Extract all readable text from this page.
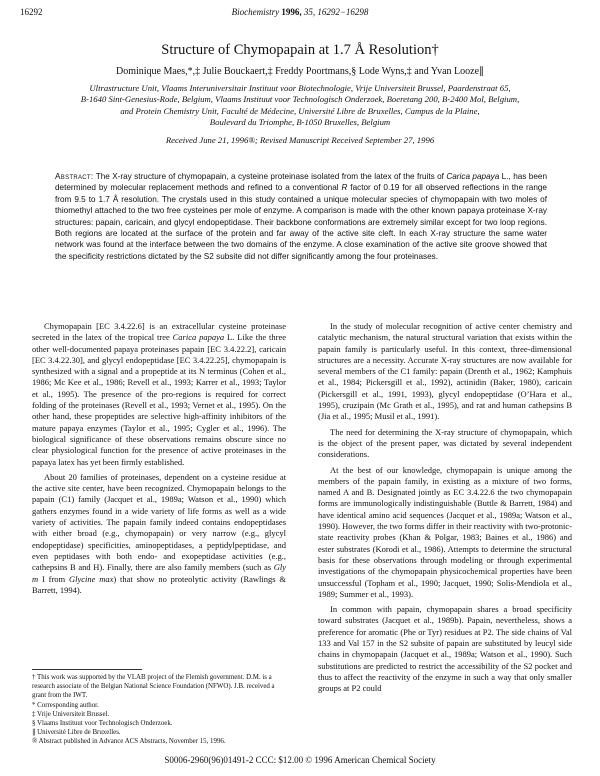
16292	Biochemistry 1996, 35, 16292−16298
Structure of Chymopapain at 1.7 Å Resolution†
Dominique Maes,*,‡ Julie Bouckaert,‡ Freddy Poortmans,§ Lode Wyns,‡ and Yvan Looze∥
Ultrastructure Unit, Vlaams Interuniversitair Instituut voor Biotechnologie, Vrije Universiteit Brussel, Paardenstraat 65,
B-1640 Sint-Genesius-Rode, Belgium, Vlaams Instituut voor Technologisch Onderzoek, Boeretang 200, B-2400 Mol, Belgium,
and Protein Chemistry Unit, Faculté de Médecine, Université Libre de Bruxelles, Campus de la Plaine,
Boulevard du Triomphe, B-1050 Bruxelles, Belgium
Received June 21, 1996®; Revised Manuscript Received September 27, 1996
Abstract: The X-ray structure of chymopapain, a cysteine proteinase isolated from the latex of the fruits of Carica papaya L., has been determined by molecular replacement methods and refined to a conventional R factor of 0.19 for all observed reflections in the range from 9.5 to 1.7 Å resolution. The crystals used in this study contained a unique molecular species of chymopapain with two moles of thiomethyl attached to the two free cysteines per mole of enzyme. A comparison is made with the other known papaya proteinase X-ray structures: papain, caricain, and glycyl endopeptidase. Their backbone conformations are extremely similar except for two loop regions. Both regions are located at the surface of the protein and far away of the active site cleft. In each X-ray structure the same water network was found at the interface between the two domains of the enzyme. A close examination of the active site groove showed that the specificity restrictions dictated by the S2 subsite did not differ significantly among the four proteinases.

Chymopapain [EC 3.4.22.6] is an extracellular cysteine proteinase secreted in the latex of the tropical tree Carica papaya L. Like the three other well-documented papaya proteinases papain [EC 3.4.22.2], caricain [EC 3.4.22.30], and glycyl endopeptidase [EC 3.4.22.25], chymopapain is synthesized with a signal and a propeptide at its N terminus (Cohen et al., 1986; Mc Kee et al., 1986; Revell et al., 1993; Karrer et al., 1993; Taylor et al., 1995). The presence of the pro-regions is required for correct folding of the proteinases (Revell et al., 1993; Vernet et al., 1995). On the other hand, these propeptides are selective high-affinity inhibitors of the mature papaya enzymes (Taylor et al., 1995; Cygler et al., 1996). The biological significance of these observations remains obscure since no clear physiological function for the presence of active proteinases in the papaya latex has yet been firmly established.

About 20 families of proteinases, dependent on a cysteine residue at the active site center, have been recognized. Chymopapain belongs to the papain (C1) family (Jacquet et al., 1989a; Watson et al., 1990) which gathers enzymes found in a wide variety of life forms as well as a wide variety of activities. The papain family indeed contains endopeptidases with either broad (e.g., chymopapain) or very narrow (e.g., glycyl endopeptidase) specificities, aminopeptidases, a peptidylpeptidase, and even peptidases with both endo- and exopeptidase activities (e.g., cathepsins B and H). Finally, there are also family members (such as Gly m I from Glycine max) that show no proteolytic activity (Rawlings & Barrett, 1994).

In the study of molecular recognition of active center chemistry and catalytic mechanism, the natural structural variation that exists within the papain family is particularly useful. In this context, three-dimensional structures are a necessity. Accurate X-ray structures are now available for several members of the C1 family: papain (Drenth et al., 1962; Kamphuis et al., 1984; Pickersgill et al., 1992), actinidin (Baker, 1980), caricain (Pickersgill et al., 1991, 1993), glycyl endopeptidase (O’Hara et al., 1995), cruzipain (Mc Grath et al., 1995), and rat and human cathepsins B (Jia et al., 1995; Musil et al., 1991).

The need for determining the X-ray structure of chymopapain, which is the object of the present paper, was dictated by several independent considerations.

At the best of our knowledge, chymopapain is unique among the members of the papain family, in existing as a mixture of two forms, named A and B. Designated jointly as EC 3.4.22.6 the two chymopapain forms are immunologically indistinguishable (Buttle & Barrett, 1984) and have identical amino acid sequences (Jacquet et al., 1989a; Watson et al., 1990). However, the two forms differ in their reactivity with two-protonic-state reactivity probes (Khan & Polgar, 1983; Baines et al., 1986) and ester substrates (Korodi et al., 1986). Attempts to determine the structural basis for these observations through modeling or through experimental investigations of the chymopapain physicochemical properties have been unsuccessful (Topham et al., 1990; Jacquet, 1990; Solis-Mendiola et al., 1989; Summer et al., 1993).

In common with papain, chymopapain shares a broad specificity toward substrates (Jacquet et al., 1989b). Papain, nevertheless, shows a preference for aromatic (Phe or Tyr) residues at P2. The side chains of Val 133 and Val 157 in the S2 subsite of papain are substituted by leucyl side chains in chymopapain (Jacquet et al., 1989a; Watson et al., 1990). Such substitutions are predicted to restrict the accessibility of the S2 pocket and thus to affect the reactivity of the enzyme in such a way that only smaller groups at P2 could

† This work was supported by the VLAB project of the Flemish government. D.M. is a research associate of the Belgian National Science Foundation (NFWO). J.B. received a grant from the IWT.
* Corresponding author.
‡ Vrije Universiteit Brussel.
§ Vlaams Instituut voor Technologisch Onderzoek.
∥ Université Libre de Bruxelles.
® Abstract published in Advance ACS Abstracts, November 15, 1996.
S0006-2960(96)01491-2 CCC: $12.00 © 1996 American Chemical Society
